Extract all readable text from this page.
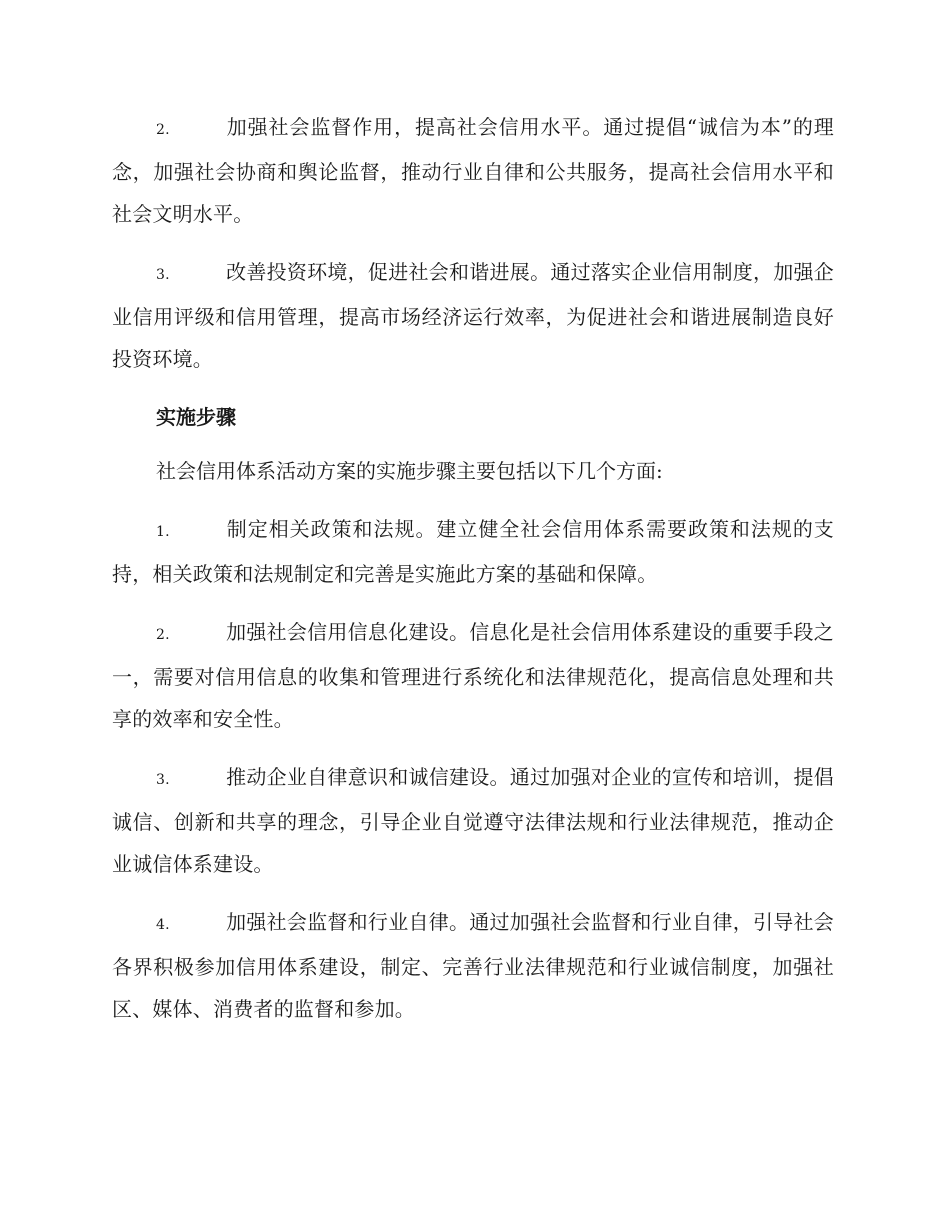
2.	加强社会监督作用，提高社会信用水平。通过提倡“诚信为本”的理念，加强社会协商和舆论监督，推动行业自律和公共服务，提高社会信用水平和社会文明水平。

3.	改善投资环境，促进社会和谐进展。通过落实企业信用制度，加强企业信用评级和信用管理，提高市场经济运行效率，为促进社会和谐进展制造良好投资环境。

实施步骤

社会信用体系活动方案的实施步骤主要包括以下几个方面:

1.	制定相关政策和法规。建立健全社会信用体系需要政策和法规的支持，相关政策和法规制定和完善是实施此方案的基础和保障。

2.	加强社会信用信息化建设。信息化是社会信用体系建设的重要手段之一，需要对信用信息的收集和管理进行系统化和法律规范化，提高信息处理和共享的效率和安全性。

3.	推动企业自律意识和诚信建设。通过加强对企业的宣传和培训，提倡诚信、创新和共享的理念，引导企业自觉遵守法律法规和行业法律规范，推动企业诚信体系建设。

4.	加强社会监督和行业自律。通过加强社会监督和行业自律，引导社会各界积极参加信用体系建设，制定、完善行业法律规范和行业诚信制度，加强社区、媒体、消费者的监督和参加。
